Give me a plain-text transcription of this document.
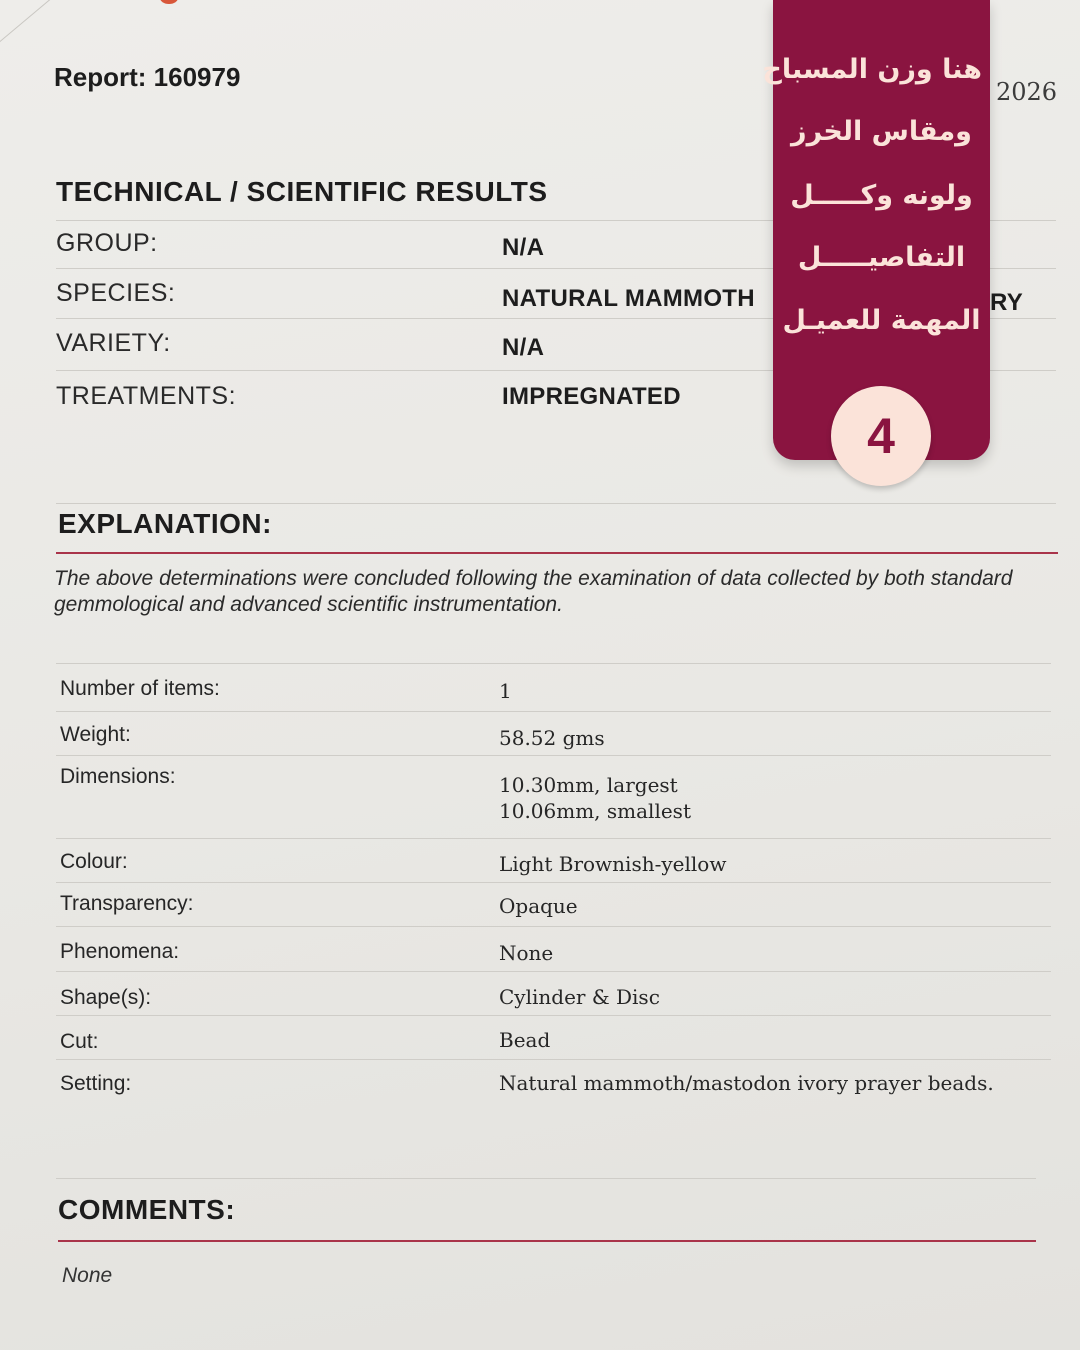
Report: 160979	2026
TECHNICAL / SCIENTIFIC RESULTS
GROUP:	N/A
SPECIES:	NATURAL MAMMOTH	RY
VARIETY:	N/A
TREATMENTS:	IMPREGNATED
EXPLANATION:
The above determinations were concluded following the examination of data collected by both standard gemmological and advanced scientific instrumentation.
Number of items:	1
Weight:	58.52 gms
Dimensions:	10.30mm, largest
10.06mm, smallest
Colour:	Light Brownish-yellow
Transparency:	Opaque
Phenomena:	None
Shape(s):	Cylinder & Disc
Cut:	Bead
Setting:	Natural mammoth/mastodon ivory prayer beads.
COMMENTS:
None
هنا وزن المسباح
ومقاس الخرز
ولونه وكـــــل
التفاصيـــــل
المهمة للعميـل
4
